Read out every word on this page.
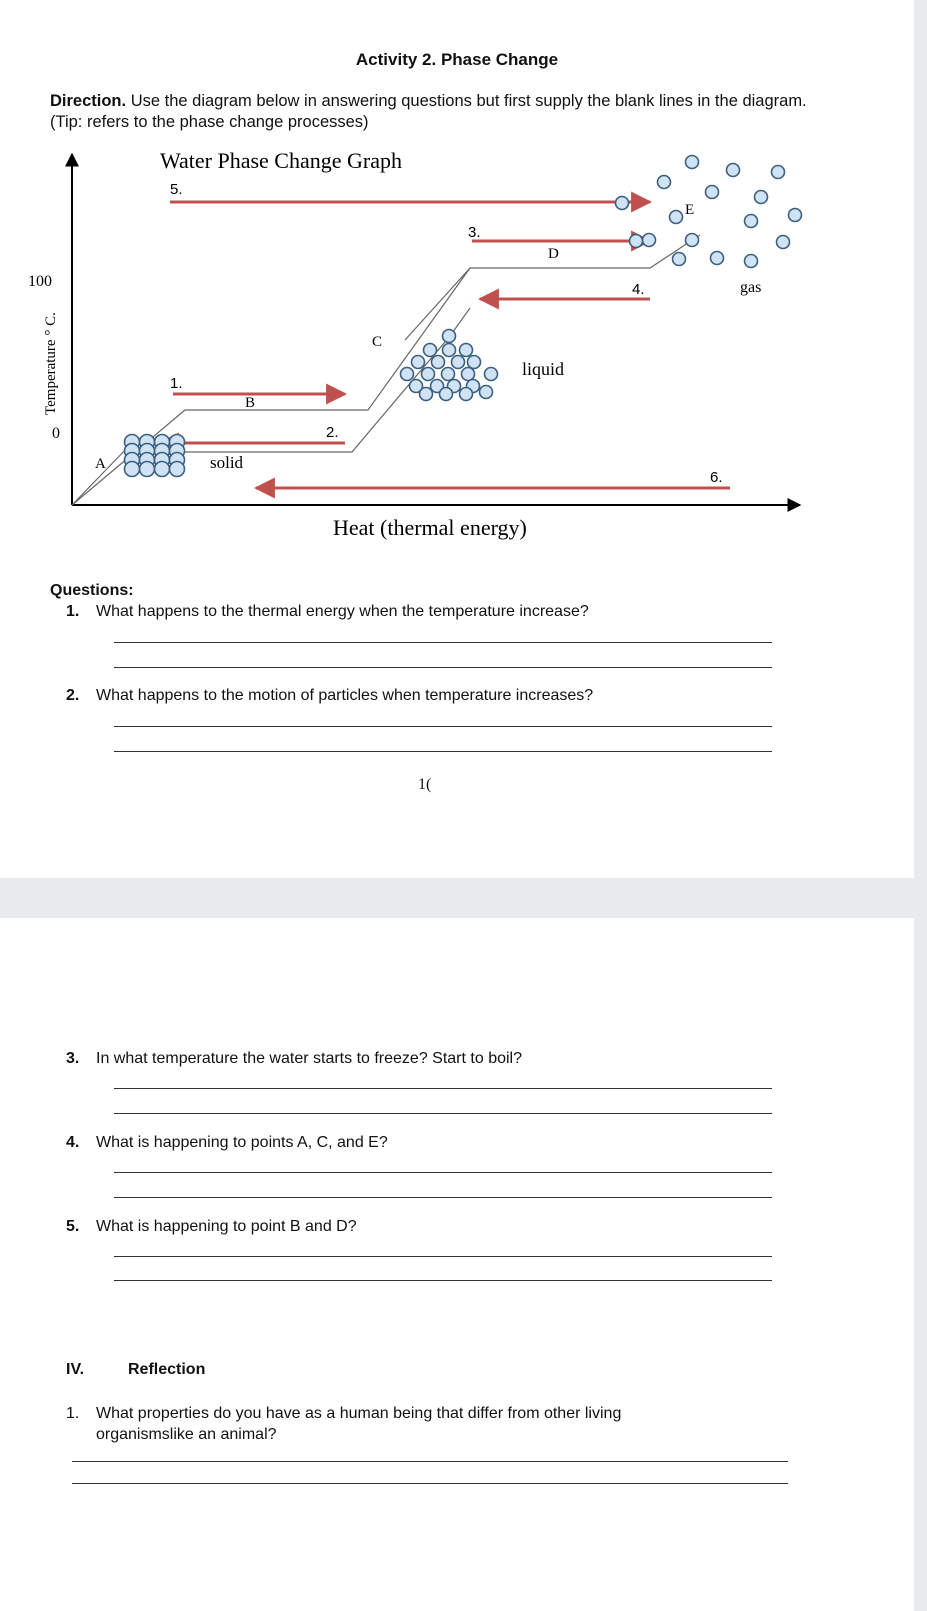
Activity 2. Phase Change

Direction. Use the diagram below in answering questions but first supply the blank lines in the diagram. (Tip: refers to the phase change processes)

Water Phase Change Graph
100
0
Temperature ° C.
5.
3.
4.
1.
2.
6.
A
B
C
D
E
solid
liquid
gas
Heat (thermal energy)

Questions:

1. What happens to the thermal energy when the temperature increase?

2. What happens to the motion of particles when temperature increases?

1(

3. In what temperature the water starts to freeze? Start to boil?

4. What is happening to points A, C, and E?

5. What is happening to point B and D?

IV.	Reflection

1.	What properties do you have as a human being that differ from other living organismslike an animal?
